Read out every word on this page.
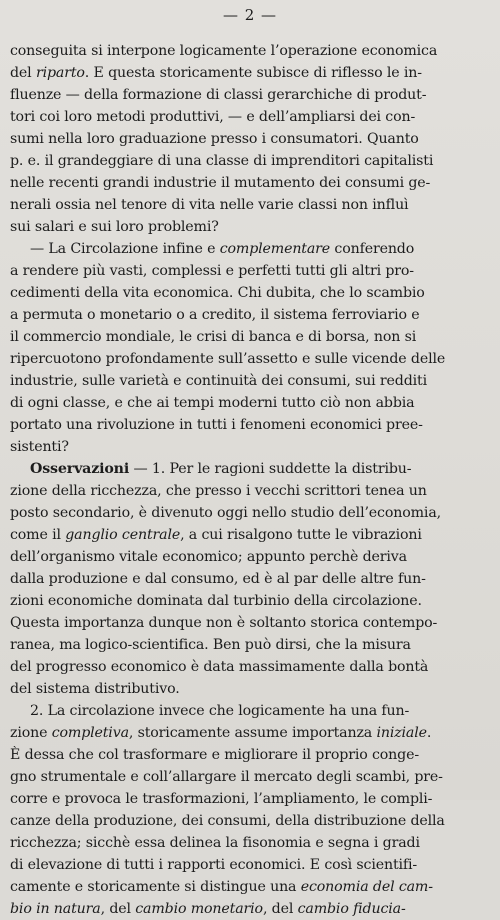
— 2 —
conseguita si interpone logicamente l’operazione economica
del riparto. E questa storicamente subisce di riflesso le in-
fluenze — della formazione di classi gerarchiche di produt-
tori coi loro metodi produttivi, — e dell’ampliarsi dei con-
sumi nella loro graduazione presso i consumatori. Quanto
p. e. il grandeggiare di una classe di imprenditori capitalisti
nelle recenti grandi industrie il mutamento dei consumi ge-
nerali ossia nel tenore di vita nelle varie classi non influì
sui salari e sui loro problemi?
— La Circolazione infine e complementare conferendo
a rendere più vasti, complessi e perfetti tutti gli altri pro-
cedimenti della vita economica. Chi dubita, che lo scambio
a permuta o monetario o a credito, il sistema ferroviario e
il commercio mondiale, le crisi di banca e di borsa, non si
ripercuotono profondamente sull’assetto e sulle vicende delle
industrie, sulle varietà e continuità dei consumi, sui redditi
di ogni classe, e che ai tempi moderni tutto ciò non abbia
portato una rivoluzione in tutti i fenomeni economici pree-
sistenti?
Osservazioni — 1. Per le ragioni suddette la distribu-
zione della ricchezza, che presso i vecchi scrittori tenea un
posto secondario, è divenuto oggi nello studio dell’economia,
come il ganglio centrale, a cui risalgono tutte le vibrazioni
dell’organismo vitale economico; appunto perchè deriva
dalla produzione e dal consumo, ed è al par delle altre fun-
zioni economiche dominata dal turbinio della circolazione.
Questa importanza dunque non è soltanto storica contempo-
ranea, ma logico-scientifica. Ben può dirsi, che la misura
del progresso economico è data massimamente dalla bontà
del sistema distributivo.
2. La circolazione invece che logicamente ha una fun-
zione completiva, storicamente assume importanza iniziale.
È dessa che col trasformare e migliorare il proprio conge-
gno strumentale e coll’allargare il mercato degli scambi, pre-
corre e provoca le trasformazioni, l’ampliamento, le compli-
canze della produzione, dei consumi, della distribuzione della
ricchezza; sicchè essa delinea la fisonomia e segna i gradi
di elevazione di tutti i rapporti economici. E così scientifi-
camente e storicamente si distingue una economia del cam-
bio in natura, del cambio monetario, del cambio fiducia-
